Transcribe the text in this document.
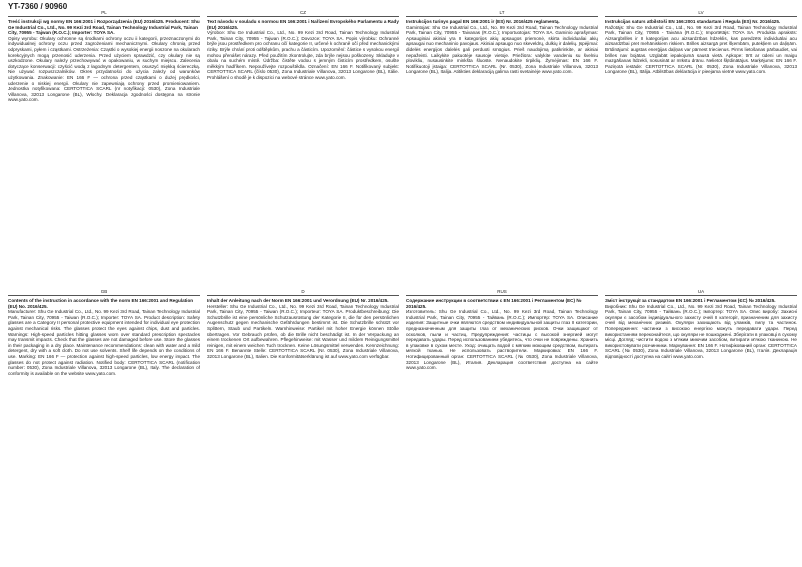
YT-7360 / 90960
PL
Treść instrukcji wg normy EN 166:2001 i Rozporządzenia (EU) 2016/425. Producent: Shu Ge Industrial Co., Ltd., No. 99 Kezi 3rd Road, Tainan Technology Industrial Park, Tainan City, 70955 - Tajwan (R.O.C.); Importer: TOYA SA.

Opisy wyrobu: Okulary ochronne są środkami ochrony oczu ii kategorii, przeznaczonymi do indywidualnej ochrony oczu przed zagrożeniami mechanicznymi. Okulary chronią przed odpryskami, pyłem i cząstkami. Ostrzeżenia: Cząstki o wysokiej energii noszone na okularach korekcyjnych mogą przenosić uderzenia. Przed użyciem sprawdzić, czy okulary nie są uszkodzone. Okulary należy przechowywać w opakowaniu, w suchym miejscu. Zalecenia dotyczące konserwacji: czyścić wodą z łagodnym detergentem, osuszyć miękką ściereczką. Nie używać rozpuszczalników. Okres przydatności do użycia zależy od warunków użytkowania. Znakowanie: EN 166 F — ochrona przed cząstkami o dużej prędkości, uderzenie o niskiej energii. Okulary nie zapewniają ochrony przed promieniowaniem. Jednostka notyfikowana: CERTOTTICA SCARL (nr notyfikacji: 0530), Zona Industriale Villanova, 32013 Longarone (BL), Włochy. Deklaracja zgodności dostępna na stronie www.yato.com.

CZ
Text návodu v souladu s normou EN 166:2001 i Nařízení Evropského Parlamentu a Rady (EU) 2016/425.

Výrobce: Shu Ge Industrial Co., Ltd., No. 99 Kezi 3rd Road, Tainan Technology Industrial Park, Tainan City, 70955 - Tajwan (R.O.C.); Dovozce: TOYA SA. Popis výrobku: Ochranné brýle jsou prostředkem pro ochranu očí kategorie II, určené k ochraně očí před mechanickými riziky. Brýle chrání proti odštěpkům, prachu a částicím. Upozornění: částice s vysokou energií mohou přenášet nárazy. Před použitím zkontrolujte, zda brýle nejsou poškozeny. Skladujte v obalu na suchém místě. Údržba: čistěte vodou s jemným čisticím prostředkem, osušte měkkým hadříkem. Nepoužívejte rozpouštědla. Označení: EN 166 F. Notifikovaný subjekt: CERTOTTICA SCARL (číslo 0530), Zona Industriale Villanova, 32013 Longarone (BL), Itálie. Prohlášení o shodě je k dispozici na webové stránce www.yato.com.

LT
Instrukcijos turinys pagal EN 166:2001 ir (ES) Nr. 2016/425 reglamentą.

Gamintojas: Shu Ge Industrial Co., Ltd., No. 99 Kezi 3rd Road, Tainan Technology Industrial Park, Tainan City, 70955 - Taivanas (R.O.C.); Importuotojas: TOYA SA. Gaminio aprašymas: Apsauginiai akiniai yra II kategorijos akių apsaugos priemonė, skirta individualiai akių apsaugai nuo mechaninio pavojaus. Akiniai apsaugo nuo skeveldrų, dulkių ir dalelių. Įspėjimai: didelės energijos dalelės gali perduoti smūgius. Prieš naudojimą patikrinkite, ar akiniai nepažeisti. Laikykite pakuotėje sausoje vietoje. Priežiūra: valykite vandeniu su švelniu plovikliu, nusausinkite minkšta šluoste. Nenaudokite tirpiklių. Žymėjimas: EN 166 F. Notifikuotoji įstaiga: CERTOTTICA SCARL (Nr. 0530), Zona Industriale Villanova, 32013 Longarone (BL), Italija. Atitikties deklaraciją galima rasti svetainėje www.yato.com.

LV
Instrukcijas saturs atbilstoši EN 166:2001 standartam i Regula (ES) Nr. 2016/425.

Ražotājs: Shu Ge Industrial Co., Ltd., No. 99 Kezi 3rd Road, Tainan Technology Industrial Park, Tainan City, 70955 - Taivāna (R.O.C.); Importētājs: TOYA SA. Produkta apraksts: Aizsargbrilles ir II kategorijas acu aizsardzības līdzeklis, kas paredzēts individuālai acu aizsardzībai pret mehāniskiem riskiem. Brilles aizsargā pret šķembām, putekļiem un daļiņām. Brīdinājumi: augstas enerģijas daļiņas var pārnest triecienus. Pirms lietošanas pārbaudiet, vai brilles nav bojātas. Uzglabāt iepakojumā sausā vietā. Apkope: tīrīt ar ūdeni un maigu mazgāšanas līdzekli, nosusināt ar mīkstu drānu. Nelietot šķīdinātājus. Marķējums: EN 166 F. Paziņotā iestāde: CERTOTTICA SCARL (Nr. 0530), Zona Industriale Villanova, 32013 Longarone (BL), Itālija. Atbilstības deklarācija ir pieejama vietnē www.yato.com.

GB
Contents of the instruction in accordance with the norm EN 166:2001 and Regulation (EU) No. 2016/425.

Manufacturer: Shu Ge Industrial Co., Ltd., No. 99 Kezi 3rd Road, Tainan Technology Industrial Park, Tainan City, 70955 - Taiwan (R.O.C.); Importer: TOYA SA. Product description: Safety glasses are a Category II personal protective equipment intended for individual eye protection against mechanical risks. The glasses protect the eyes against chips, dust and particles. Warnings: High-speed particles hitting glasses worn over standard prescription spectacles may transmit impacts. Check that the glasses are not damaged before use. Store the glasses in their packaging in a dry place. Maintenance recommendations: clean with water and a mild detergent, dry with a soft cloth. Do not use solvents. Shelf life depends on the conditions of use. Marking: EN 166 F — protection against high-speed particles, low energy impact. The glasses do not protect against radiation. Notified body: CERTOTTICA SCARL (notification number: 0530), Zona Industriale Villanova, 32013 Longarone (BL), Italy. The declaration of conformity is available on the website www.yato.com.

D
Inhalt der Anleitung nach der Norm EN 166:2001 und Verordnung (EU) Nr. 2016/425.

Hersteller: Shu Ge Industrial Co., Ltd., No. 99 Kezi 3rd Road, Tainan Technology Industrial Park, Tainan City, 70955 - Taiwan (R.O.C.); Importeur: TOYA SA. Produktbeschreibung: Die Schutzbrille ist eine persönliche Schutzausrüstung der Kategorie II, die für den persönlichen Augenschutz gegen mechanische Gefährdungen bestimmt ist. Die Schutzbrille schützt vor Splittern, Staub und Partikeln. Warnhinweise: Partikel mit hoher Energie können Stöße übertragen. Vor Gebrauch prüfen, ob die Brille nicht beschädigt ist. In der Verpackung an einem trockenen Ort aufbewahren. Pflegehinweise: mit Wasser und mildem Reinigungsmittel reinigen, mit einem weichen Tuch trocknen. Keine Lösungsmittel verwenden. Kennzeichnung: EN 166 F. Benannte Stelle: CERTOTTICA SCARL (Nr. 0530), Zona Industriale Villanova, 32013 Longarone (BL), Italien. Die Konformitätserklärung ist auf www.yato.com verfügbar.

RUS
Содержание инструкции в соответствии с EN 166:2001 i Регламентом (ЕС) № 2016/425.

Изготовитель: Shu Ge Industrial Co., Ltd., No. 99 Kezi 3rd Road, Tainan Technology Industrial Park, Tainan City, 70955 - Тайвань (R.O.C.); Импортёр: TOYA SA. Описание изделия: Защитные очки являются средством индивидуальной защиты глаз II категории, предназначенным для защиты глаз от механических рисков. Очки защищают от осколков, пыли и частиц. Предупреждения: частицы с высокой энергией могут передавать удары. Перед использованием убедитесь, что очки не повреждены. Хранить в упаковке в сухом месте. Уход: очищать водой с мягким моющим средством, вытирать мягкой тканью. Не использовать растворители. Маркировка: EN 166 F. Нотифицированный орган: CERTOTTICA SCARL (№ 0530), Zona Industriale Villanova, 32013 Longarone (BL), Италия. Декларация соответствия доступна на сайте www.yato.com.

UA
Зміст інструкції за стандартом EN 166:2001 і Регламентом (ЄС) № 2016/425.

Виробник: Shu Ge Industrial Co., Ltd., No. 99 Kezi 3rd Road, Tainan Technology Industrial Park, Tainan City, 70955 - Тайвань (R.O.C.); Імпортер: TOYA SA. Опис виробу: Захисні окуляри є засобом індивідуального захисту очей II категорії, призначеним для захисту очей від механічних ризиків. Окуляри захищають від уламків, пилу та частинок. Попередження: частинки з високою енергією можуть передавати удари. Перед використанням переконайтеся, що окуляри не пошкоджені. Зберігати в упаковці в сухому місці. Догляд: чистити водою з м'яким миючим засобом, витирати м'якою тканиною. Не використовувати розчинники. Маркування: EN 166 F. Нотифікований орган: CERTOTTICA SCARL (№ 0530), Zona Industriale Villanova, 32013 Longarone (BL), Італія. Декларація відповідності доступна на сайті www.yato.com.
